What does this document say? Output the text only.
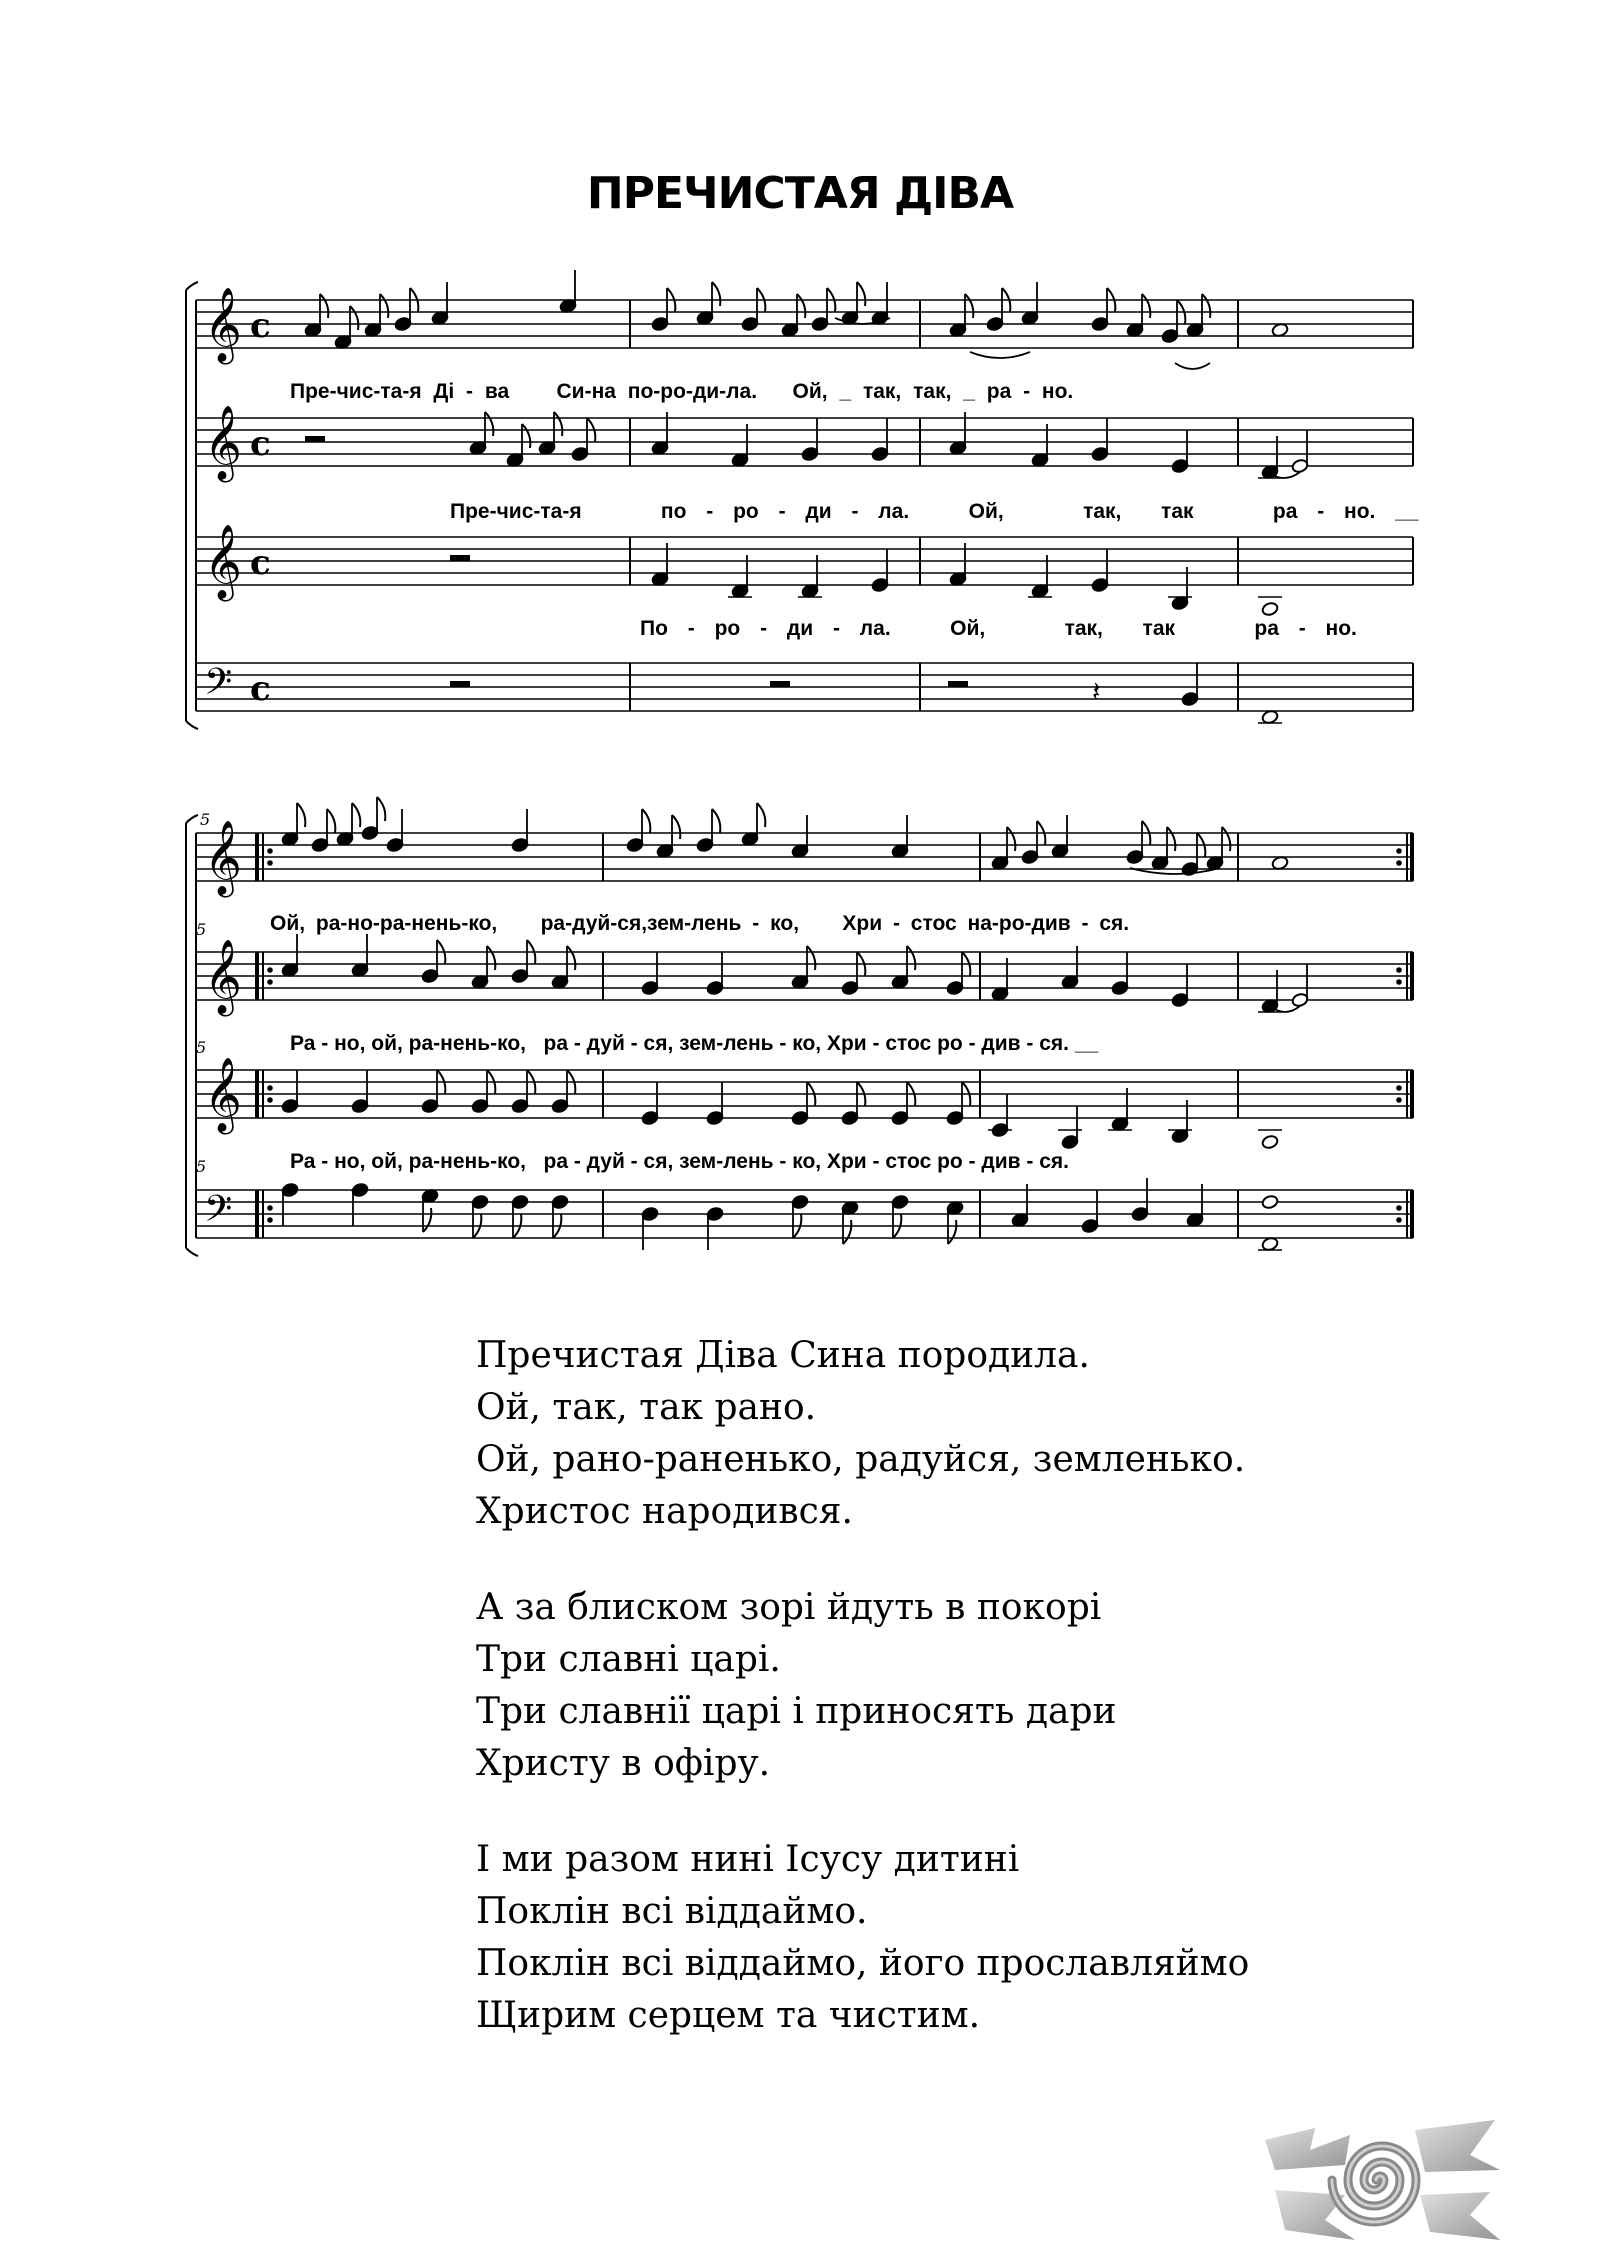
ПРЕЧИСТАЯ ДІВА
𝄞 c
𝄞 c
𝄞 c
𝄢 c
𝄞
𝄞
𝄞
𝄢
𝄽
5
5
5
5
Пре-чис-та-я Ді - ва    Си-на по-ро-ди-ла.   Ой, _ так, так, _ ра - но.
Пре-чис-та-я    по - ро - ди - ла.   Ой,    так,  так    ра - но. __
По - ро - ди - ла.   Ой,    так,  так    ра - но.
Ой, ра-но-ра-нень-ко,    ра-дуй-ся,зем-лень - ко,    Хри - стос на-ро-див - ся.
Ра - но, ой, ра-нень-ко,   ра - дуй - ся, зем-лень - ко, Хри - стос ро - див - ся. __
Ра - но, ой, ра-нень-ко,   ра - дуй - ся, зем-лень - ко, Хри - стос ро - див - ся.

Пречистая Діва Сина породила.

Ой, так, так рано.

Ой, рано-раненько, радуйся, земленько.

Христос народився.

А за блиском зорі йдуть в покорі

Три славні царі.

Три славнії царі і приносять дари

Христу в офіру.

І ми разом нині Ісусу дитині

Поклін всі віддаймо.

Поклін всі віддаймо, його прославляймо

Щирим серцем та чистим.
